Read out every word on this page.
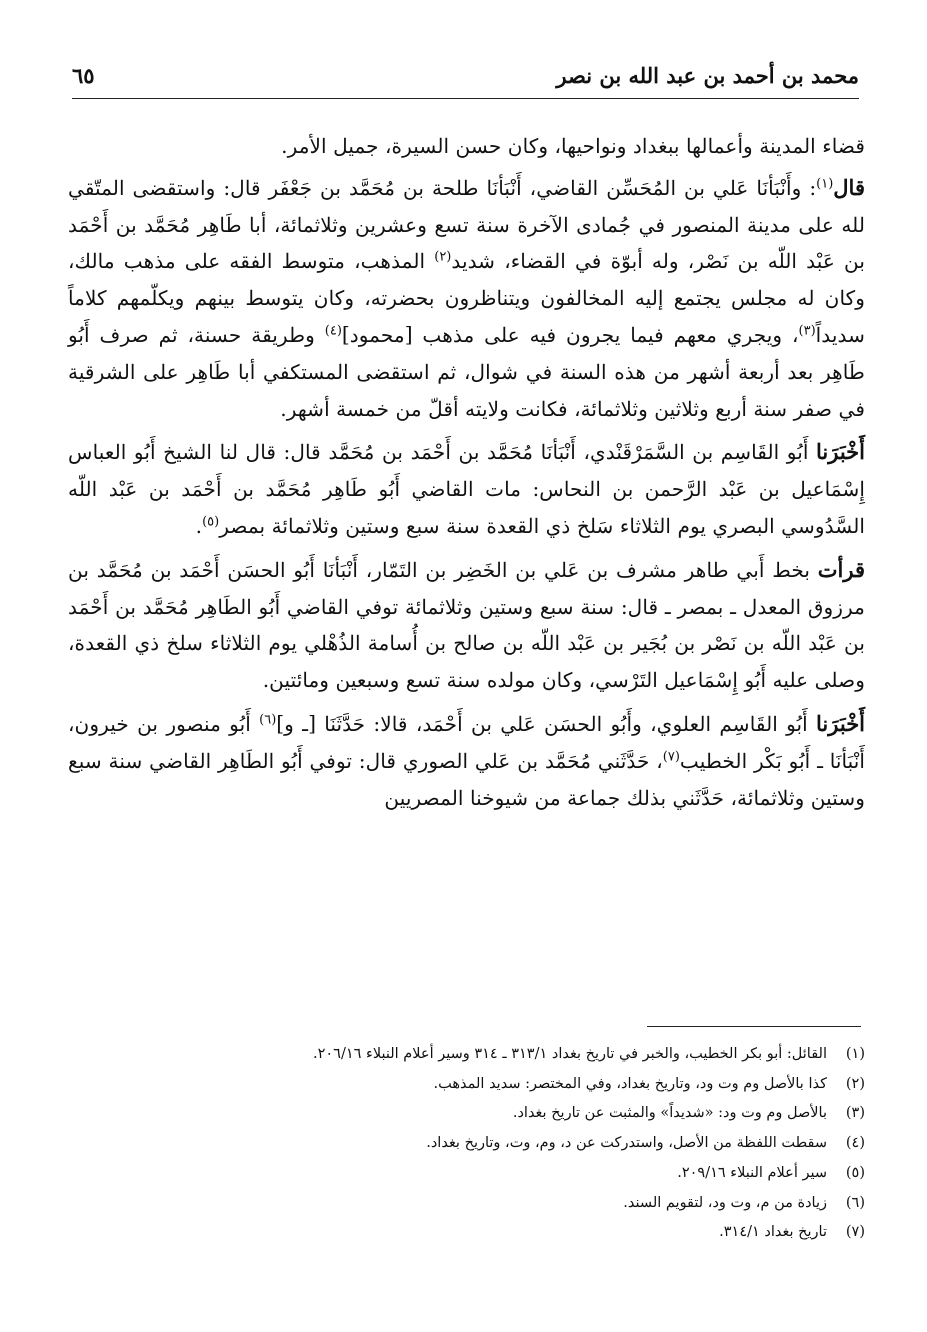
محمد بن أحمد بن عبد الله بن نصر
٦٥

قضاء المدينة وأعمالها ببغداد ونواحيها، وكان حسن السيرة، جميل الأمر.

قال$^{(١)}$: وأَنْبَأنَا عَلي بن المُحَسِّن القاضي، أَنْبَأنَا طلحة بن مُحَمَّد بن جَعْفَر قال: واستقضى المتّقي لله على مدينة المنصور في جُمادى الآخرة سنة تسع وعشرين وثلاثمائة، أبا طَاهِر مُحَمَّد بن أَحْمَد بن عَبْد اللّه بن نَصْر، وله أبوّة في القضاء، شديد$^{(٢)}$ المذهب، متوسط الفقه على مذهب مالك، وكان له مجلس يجتمع إليه المخالفون ويتناظرون بحضرته، وكان يتوسط بينهم ويكلّمهم كلاماً سديداً$^{(٣)}$، ويجري معهم فيما يجرون فيه على مذهب [محمود]$^{(٤)}$ وطريقة حسنة، ثم صرف أَبُو طَاهِر بعد أربعة أشهر من هذه السنة في شوال، ثم استقضى المستكفي أبا طَاهِر على الشرقية في صفر سنة أربع وثلاثين وثلاثمائة، فكانت ولايته أقلّ من خمسة أشهر.

أَخْبَرَنا أَبُو القَاسِم بن السَّمَرْقَنْدي، أَنْبَأنَا مُحَمَّد بن أَحْمَد بن مُحَمَّد قال: قال لنا الشيخ أَبُو العباس إِسْمَاعيل بن عَبْد الرَّحمن بن النحاس: مات القاضي أَبُو طَاهِر مُحَمَّد بن أَحْمَد بن عَبْد اللّه السَّدُوسي البصري يوم الثلاثاء سَلخ ذي القعدة سنة سبع وستين وثلاثمائة بمصر$^{(٥)}$.

قرأت بخط أَبي طاهر مشرف بن عَلي بن الخَضِر بن التَمّار، أَنْبَأنَا أَبُو الحسَن أَحْمَد بن مُحَمَّد بن مرزوق المعدل ـ بمصر ـ قال: سنة سبع وستين وثلاثمائة توفي القاضي أَبُو الطَاهِر مُحَمَّد بن أَحْمَد بن عَبْد اللّه بن نَصْر بن بُجَير بن عَبْد اللّه بن صالح بن أُسامة الذُهْلي يوم الثلاثاء سلخ ذي القعدة، وصلى عليه أَبُو إِسْمَاعيل التَرْسي، وكان مولده سنة تسع وسبعين ومائتين.

أَخْبَرَنا أَبُو القَاسِم العلوي، وأَبُو الحسَن عَلي بن أَحْمَد، قالا: حَدَّثَنَا [ـ و]$^{(٦)}$ أَبُو منصور بن خيرون، أَنْبَأنَا ـ أَبُو بَكْر الخطيب$^{(٧)}$، حَدَّثَني مُحَمَّد بن عَلي الصوري قال: توفي أَبُو الطَاهِر القاضي سنة سبع وستين وثلاثمائة، حَدَّثَني بذلك جماعة من شيوخنا المصريين

(١)
القائل: أبو بكر الخطيب، والخبر في تاريخ بغداد ٣١٣/١ ـ ٣١٤ وسير أعلام النبلاء ٢٠٦/١٦.
(٢)
كذا بالأصل وم وت ود، وتاريخ بغداد، وفي المختصر: سديد المذهب.
(٣)
بالأصل وم وت ود: «شديداً» والمثبت عن تاريخ بغداد.
(٤)
سقطت اللفظة من الأصل، واستدركت عن د، وم، وت، وتاريخ بغداد.
(٥)
سير أعلام النبلاء ٢٠٩/١٦.
(٦)
زيادة من م، وت ود، لتقويم السند.
(٧)
تاريخ بغداد ٣١٤/١.
